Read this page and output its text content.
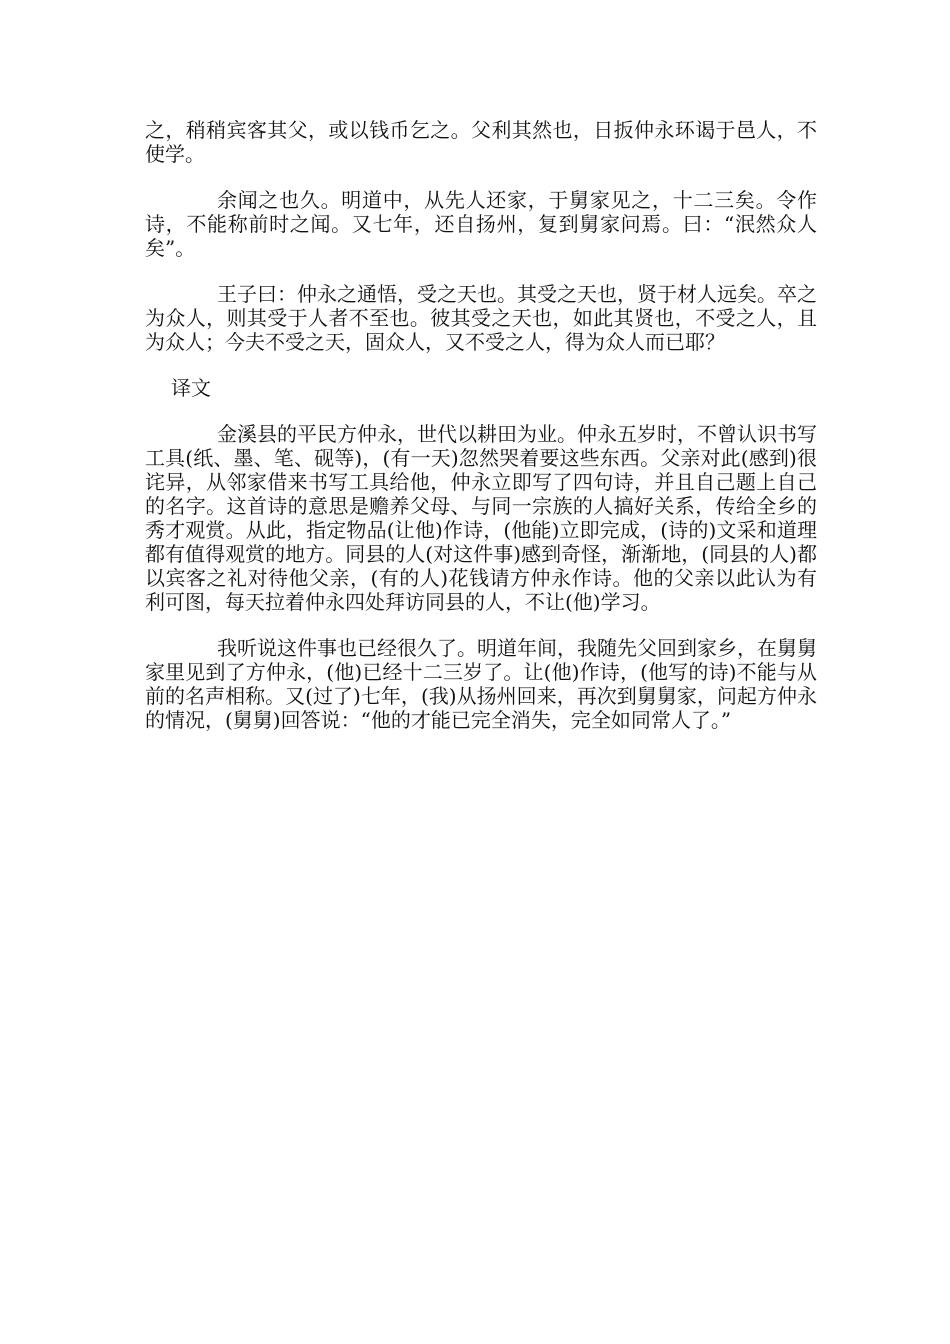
之，稍稍宾客其父，或以钱币乞之。父利其然也，日扳仲永环谒于邑人，不使学。

余闻之也久。明道中，从先人还家，于舅家见之，十二三矣。令作诗，不能称前时之闻。又七年，还自扬州，复到舅家问焉。曰：“泯然众人矣”。

王子曰：仲永之通悟，受之天也。其受之天也，贤于材人远矣。卒之为众人，则其受于人者不至也。彼其受之天也，如此其贤也，不受之人，且为众人；今夫不受之天，固众人，又不受之人，得为众人而已耶？

译文

金溪县的平民方仲永，世代以耕田为业。仲永五岁时，不曾认识书写工具(纸、墨、笔、砚等)，(有一天)忽然哭着要这些东西。父亲对此(感到)很诧异，从邻家借来书写工具给他，仲永立即写了四句诗，并且自己题上自己的名字。这首诗的意思是赡养父母、与同一宗族的人搞好关系，传给全乡的秀才观赏。从此，指定物品(让他)作诗，(他能)立即完成，(诗的)文采和道理都有值得观赏的地方。同县的人(对这件事)感到奇怪，渐渐地，(同县的人)都以宾客之礼对待他父亲，(有的人)花钱请方仲永作诗。他的父亲以此认为有利可图，每天拉着仲永四处拜访同县的人，不让(他)学习。

我听说这件事也已经很久了。明道年间，我随先父回到家乡，在舅舅家里见到了方仲永，(他)已经十二三岁了。让(他)作诗，(他写的诗)不能与从前的名声相称。又(过了)七年，(我)从扬州回来，再次到舅舅家，问起方仲永的情况，(舅舅)回答说：“他的才能已完全消失，完全如同常人了。”
